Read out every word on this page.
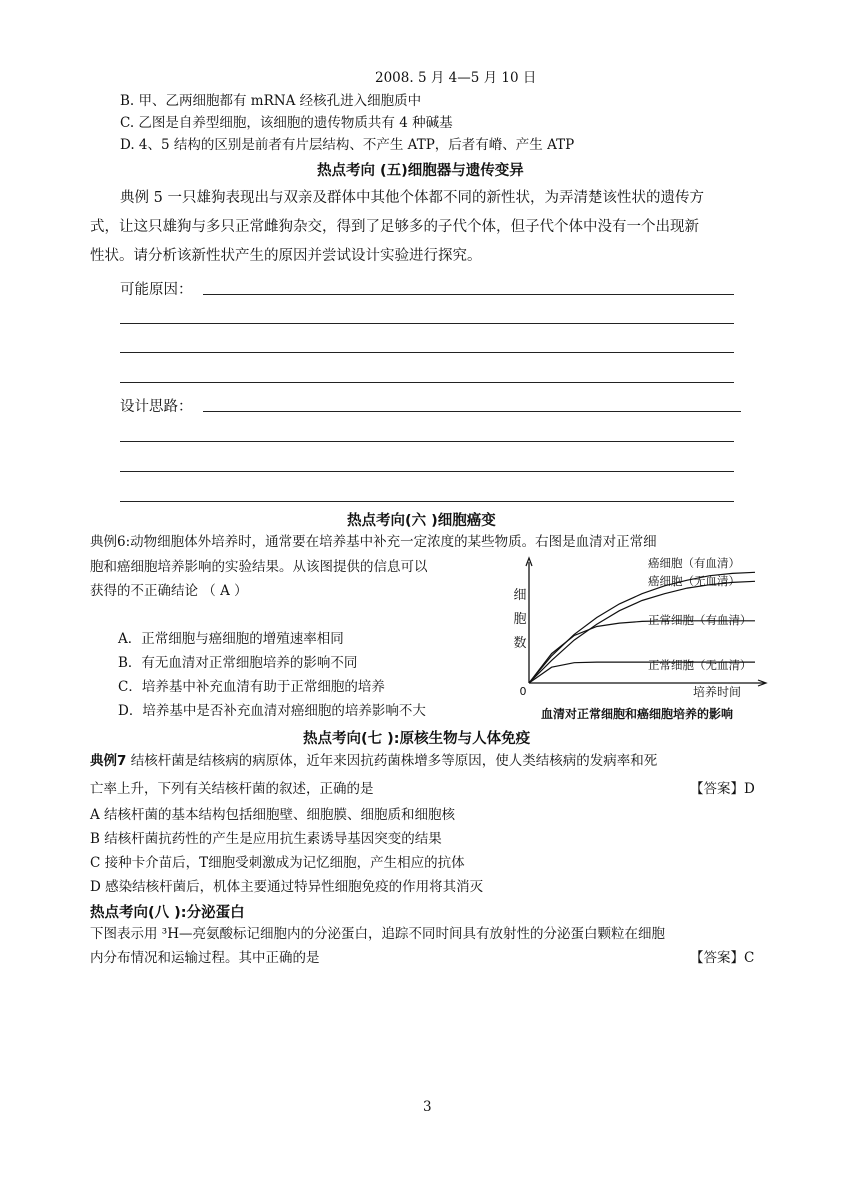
2008. 5 月 4—5 月 10 日
B. 甲、乙两细胞都有 mRNA 经核孔进入细胞质中
C. 乙图是自养型细胞，该细胞的遗传物质共有 4 种碱基
D. 4、5 结构的区别是前者有片层结构、不产生 ATP，后者有嵴、产生 ATP
热点考向 (五)细胞器与遗传变异
典例 5 一只雄狗表现出与双亲及群体中其他个体都不同的新性状，为弄清楚该性状的遗传方
式，让这只雄狗与多只正常雌狗杂交，得到了足够多的子代个体，但子代个体中没有一个出现新
性状。请分析该新性状产生的原因并尝试设计实验进行探究。
可能原因：
设计思路：
热点考向(六 )细胞癌变
典例6:动物细胞体外培养时，通常要在培养基中补充一定浓度的某些物质。右图是血清对正常细
胞和癌细胞培养影响的实验结果。从该图提供的信息可以
获得的不正确结论 （ A ）
A．正常细胞与癌细胞的增殖速率相同
B．有无血清对正常细胞培养的影响不同
C．培养基中补充血清有助于正常细胞的培养
D．培养基中是否补充血清对癌细胞的培养影响不大
细
胞
数
0	培养时间
血清对正常细胞和癌细胞培养的影响
癌细胞（有血清）
癌细胞（无血清）
正常细胞（有血清）
正常细胞（无血清）
热点考向(七 ):原核生物与人体免疫
典例7 结核杆菌是结核病的病原体，近年来因抗药菌株增多等原因，使人类结核病的发病率和死
亡率上升，下列有关结核杆菌的叙述，正确的是	【答案】D
A 结核杆菌的基本结构包括细胞壁、细胞膜、细胞质和细胞核
B 结核杆菌抗药性的产生是应用抗生素诱导基因突变的结果
C 接种卡介苗后，T细胞受刺激成为记忆细胞，产生相应的抗体
D 感染结核杆菌后，机体主要通过特异性细胞免疫的作用将其消灭
热点考向(八 ):分泌蛋白
下图表示用 ³H—亮氨酸标记细胞内的分泌蛋白，追踪不同时间具有放射性的分泌蛋白颗粒在细胞
内分布情况和运输过程。其中正确的是	【答案】C
3
